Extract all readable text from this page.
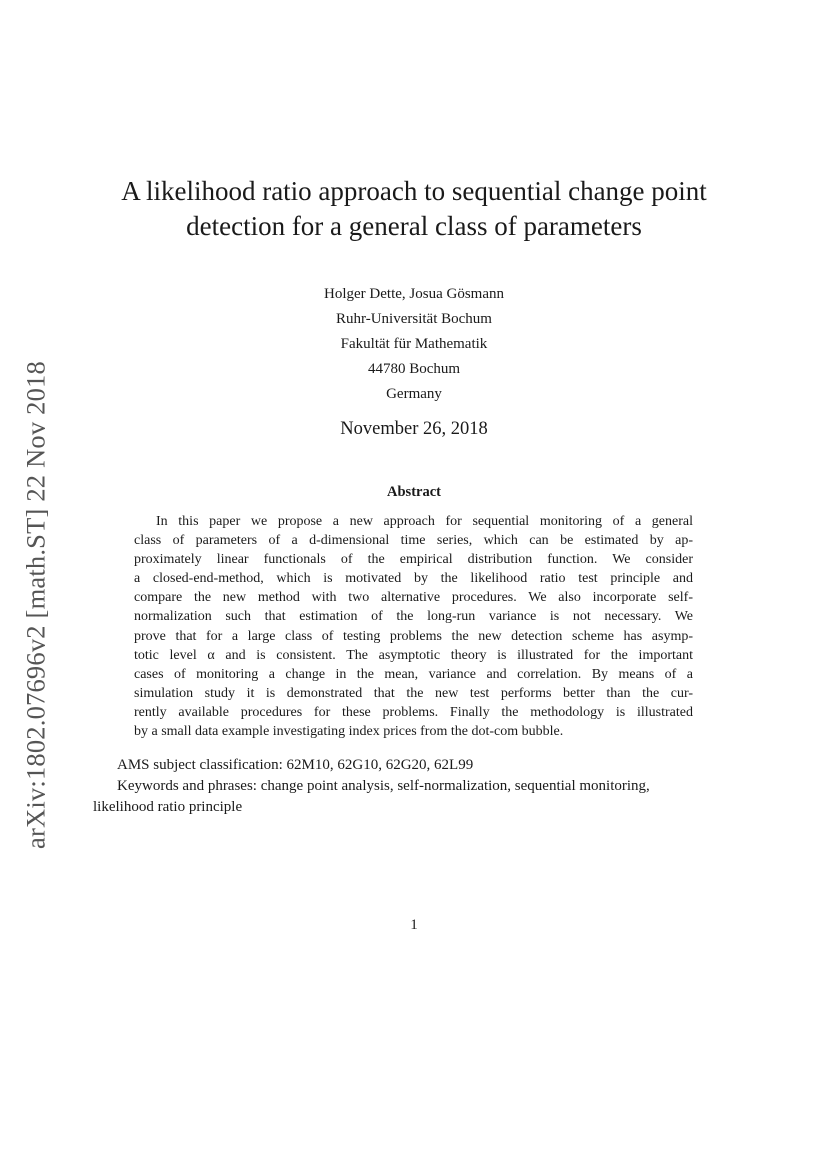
arXiv:1802.07696v2 [math.ST] 22 Nov 2018
A likelihood ratio approach to sequential change point
detection for a general class of parameters
Holger Dette, Josua Gösmann
Ruhr-Universität Bochum
Fakultät für Mathematik
44780 Bochum
Germany
November 26, 2018
Abstract
In this paper we propose a new approach for sequential monitoring of a general
class of parameters of a d-dimensional time series, which can be estimated by ap-
proximately linear functionals of the empirical distribution function. We consider
a closed-end-method, which is motivated by the likelihood ratio test principle and
compare the new method with two alternative procedures. We also incorporate self-
normalization such that estimation of the long-run variance is not necessary. We
prove that for a large class of testing problems the new detection scheme has asymp-
totic level α and is consistent. The asymptotic theory is illustrated for the important
cases of monitoring a change in the mean, variance and correlation. By means of a
simulation study it is demonstrated that the new test performs better than the cur-
rently available procedures for these problems. Finally the methodology is illustrated
by a small data example investigating index prices from the dot-com bubble.
AMS subject classification: 62M10, 62G10, 62G20, 62L99
Keywords and phrases: change point analysis, self-normalization, sequential monitoring,
likelihood ratio principle
1
